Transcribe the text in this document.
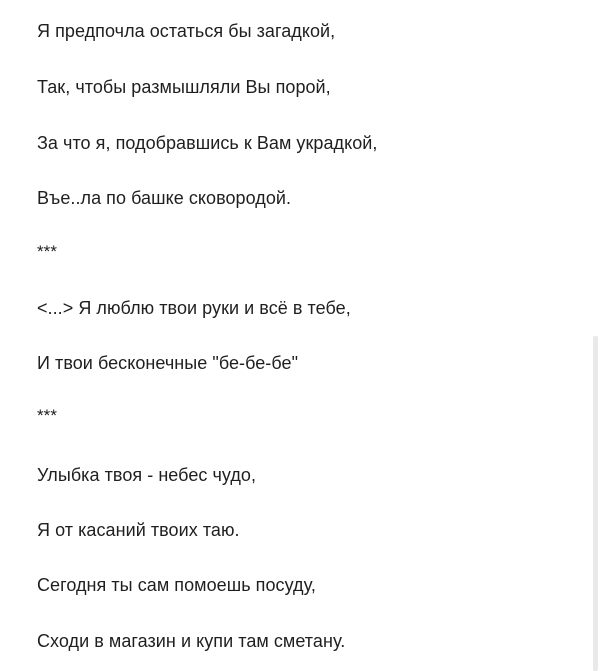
Я предпочла остаться бы загадкой,
Так, чтобы размышляли Вы порой,
За что я, подобравшись к Вам украдкой,
Въе..ла по башке сковородой.
***
<...> Я люблю твои руки и всё в тебе,
И твои бесконечные "бе-бе-бе"
***
Улыбка твоя - небес чудо,
Я от касаний твоих таю.
Сегодня ты сам помоешь посуду,
Сходи в магазин и купи там сметану.
